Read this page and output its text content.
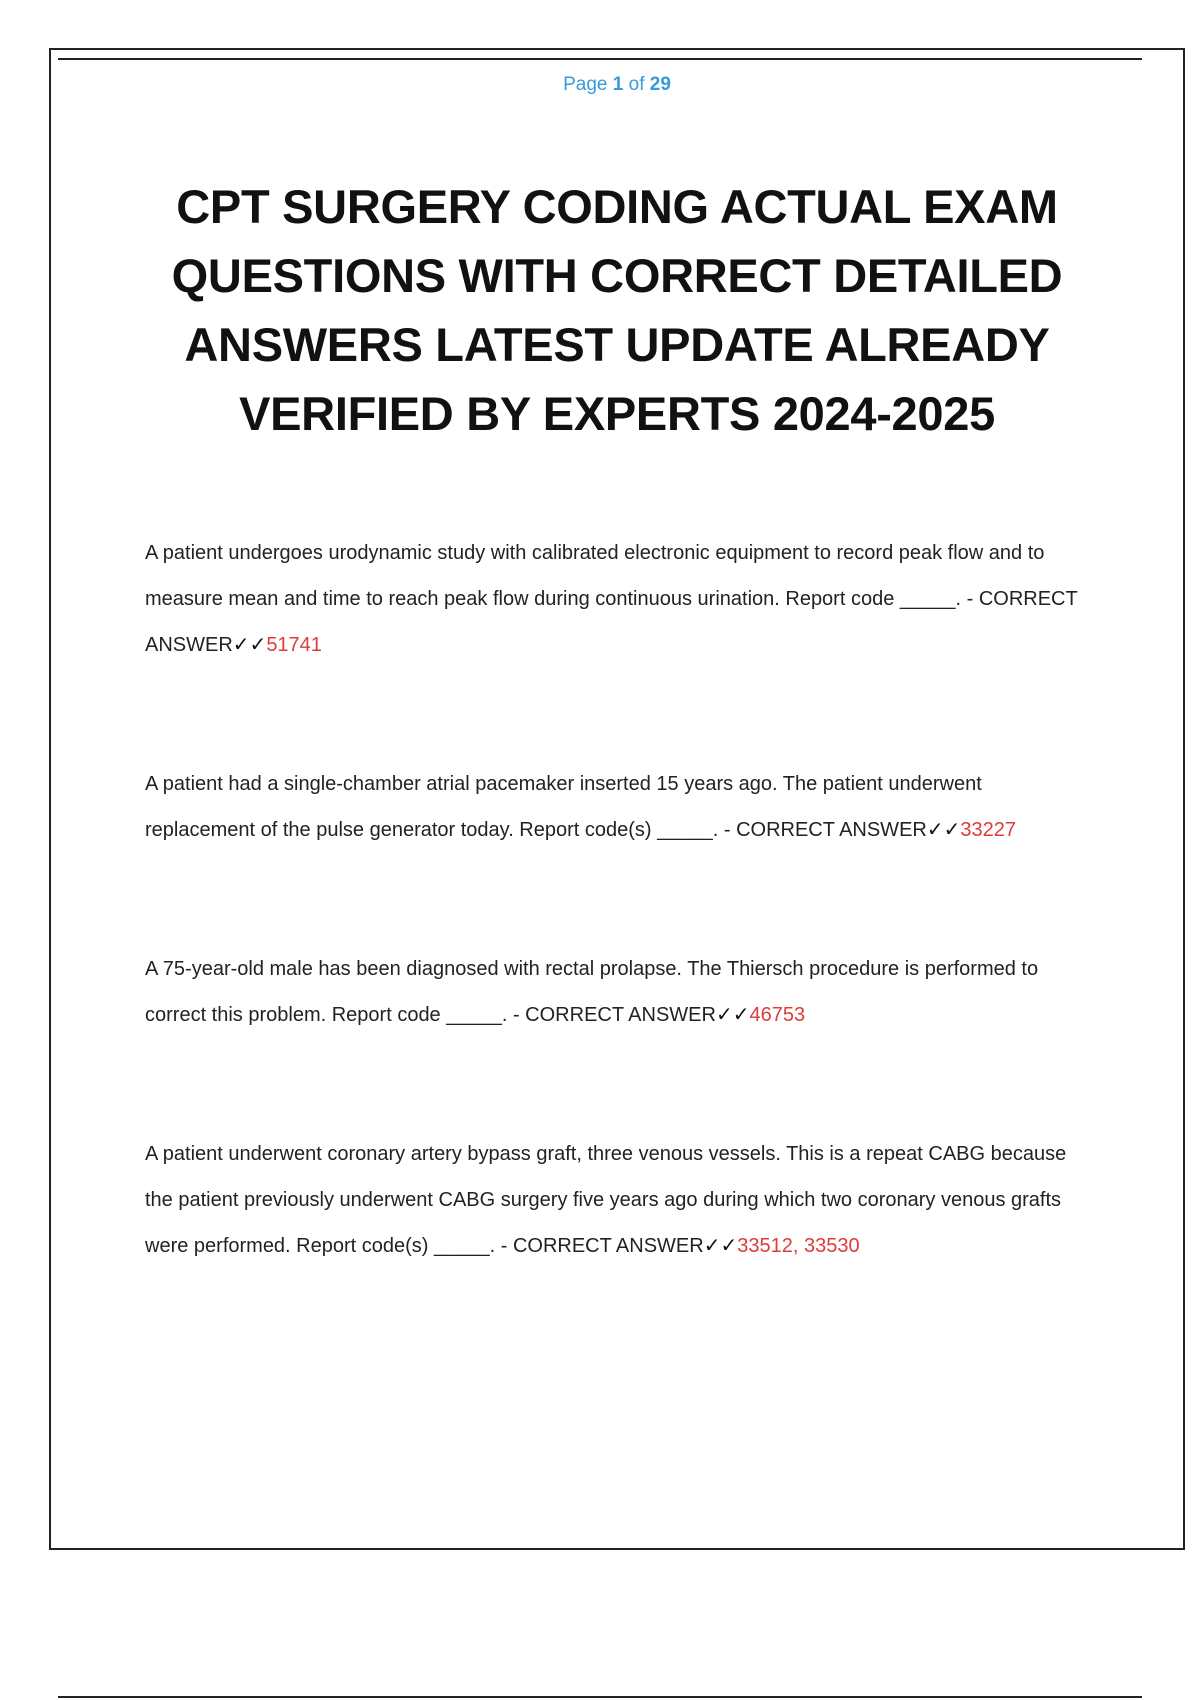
Page 1 of 29
CPT SURGERY CODING ACTUAL EXAM QUESTIONS WITH CORRECT DETAILED ANSWERS LATEST UPDATE ALREADY VERIFIED BY EXPERTS 2024-2025

A patient undergoes urodynamic study with calibrated electronic equipment to record peak flow and to measure mean and time to reach peak flow during continuous urination. Report code _____. - CORRECT ANSWER✓✓51741

A patient had a single-chamber atrial pacemaker inserted 15 years ago. The patient underwent replacement of the pulse generator today. Report code(s) _____. - CORRECT ANSWER✓✓33227

A 75-year-old male has been diagnosed with rectal prolapse. The Thiersch procedure is performed to correct this problem. Report code _____. - CORRECT ANSWER✓✓46753

A patient underwent coronary artery bypass graft, three venous vessels. This is a repeat CABG because the patient previously underwent CABG surgery five years ago during which two coronary venous grafts were performed. Report code(s) _____. - CORRECT ANSWER✓✓33512, 33530
